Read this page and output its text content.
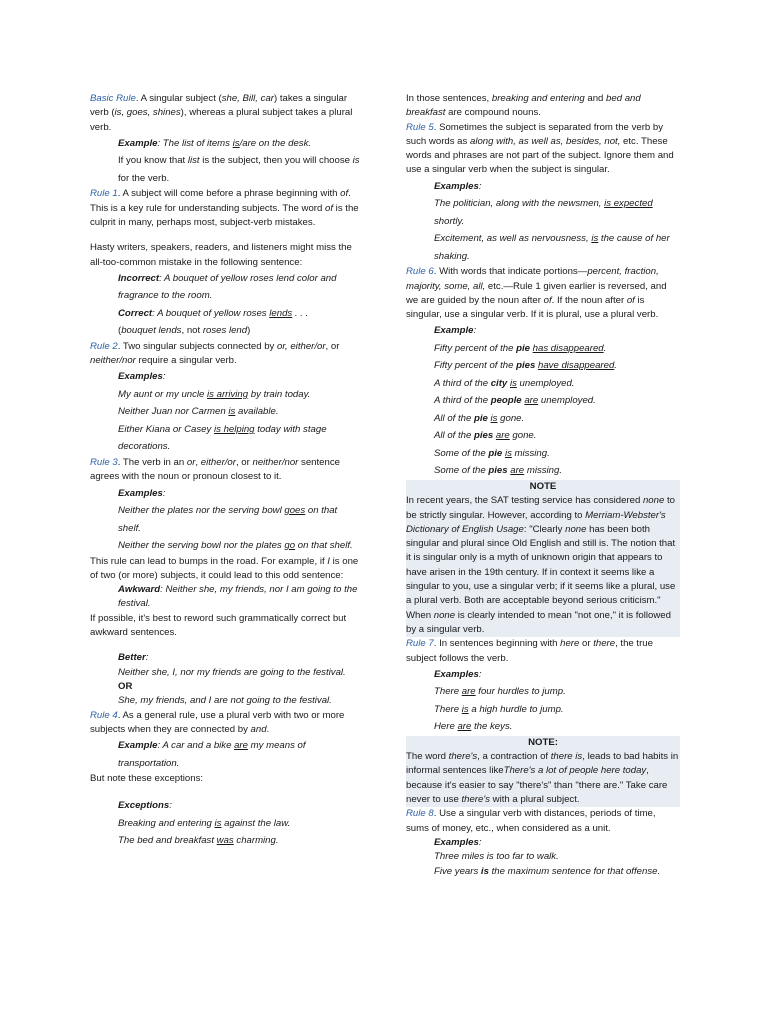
Basic Rule. A singular subject (she, Bill, car) takes a singular verb (is, goes, shines), whereas a plural subject takes a plural verb.

Example: The list of items is/are on the desk.

If you know that list is the subject, then you will choose is for the verb.

Rule 1. A subject will come before a phrase beginning with of. This is a key rule for understanding subjects. The word of is the culprit in many, perhaps most, subject-verb mistakes.

Hasty writers, speakers, readers, and listeners might miss the all-too-common mistake in the following sentence:

Incorrect: A bouquet of yellow roses lend color and fragrance to the room.

Correct: A bouquet of yellow roses lends . . .

(bouquet lends, not roses lend)

Rule 2. Two singular subjects connected by or, either/or, or neither/nor require a singular verb.

Examples:

My aunt or my uncle is arriving by train today.

Neither Juan nor Carmen is available.

Either Kiana or Casey is helping today with stage decorations.

Rule 3. The verb in an or, either/or, or neither/nor sentence agrees with the noun or pronoun closest to it.

Examples:

Neither the plates nor the serving bowl goes on that shelf.

Neither the serving bowl nor the plates go on that shelf.

This rule can lead to bumps in the road. For example, if I is one of two (or more) subjects, it could lead to this odd sentence:

Awkward: Neither she, my friends, nor I am going to the festival.

If possible, it's best to reword such grammatically correct but awkward sentences.

Better:

Neither she, I, nor my friends are going to the festival.

OR

She, my friends, and I are not going to the festival.

Rule 4. As a general rule, use a plural verb with two or more subjects when they are connected by and.

Example: A car and a bike are my means of transportation.

But note these exceptions:

Exceptions:

Breaking and entering is against the law.

The bed and breakfast was charming.

In those sentences, breaking and entering and bed and breakfast are compound nouns.

Rule 5. Sometimes the subject is separated from the verb by such words as along with, as well as, besides, not, etc. These words and phrases are not part of the subject. Ignore them and use a singular verb when the subject is singular.

Examples:

The politician, along with the newsmen, is expected shortly.

Excitement, as well as nervousness, is the cause of her shaking.

Rule 6. With words that indicate portions—percent, fraction, majority, some, all, etc.—Rule 1 given earlier is reversed, and we are guided by the noun after of. If the noun after of is singular, use a singular verb. If it is plural, use a plural verb.

Example:

Fifty percent of the pie has disappeared.

Fifty percent of the pies have disappeared.

A third of the city is unemployed.

A third of the people are unemployed.

All of the pie is gone.

All of the pies are gone.

Some of the pie is missing.

Some of the pies are missing.

NOTE

In recent years, the SAT testing service has considered none to be strictly singular. However, according to Merriam-Webster's Dictionary of English Usage: "Clearly none has been both singular and plural since Old English and still is. The notion that it is singular only is a myth of unknown origin that appears to have arisen in the 19th century. If in context it seems like a singular to you, use a singular verb; if it seems like a plural, use a plural verb. Both are acceptable beyond serious criticism." When none is clearly intended to mean "not one," it is followed by a singular verb.

Rule 7. In sentences beginning with here or there, the true subject follows the verb.

Examples:

There are four hurdles to jump.

There is a high hurdle to jump.

Here are the keys.

NOTE:

The word there's, a contraction of there is, leads to bad habits in informal sentences likeThere's a lot of people here today, because it's easier to say "there's" than "there are." Take care never to use there's with a plural subject.

Rule 8. Use a singular verb with distances, periods of time, sums of money, etc., when considered as a unit.

Examples:

Three miles is too far to walk.

Five years is the maximum sentence for that offense.
